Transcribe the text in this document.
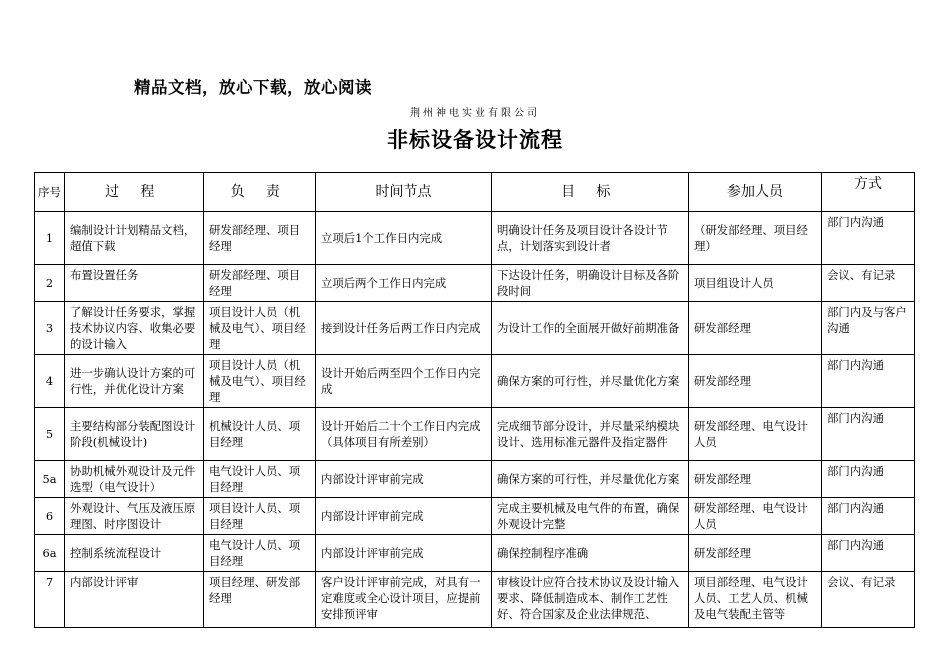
精品文档，放心下载，放心阅读
荆州神电实业有限公司
非标设备设计流程
序号	过 程	负 责	时间节点	目 标	参加人员	方式
1	编制设计计划精品文档，超值下载	研发部经理、项目经理	立项后1个工作日内完成	明确设计任务及项目设计各设计节点，计划落实到设计者	（研发部经理、项目经理）	部门内沟通
2	布置设置任务	研发部经理、项目经理	立项后两个工作日内完成	下达设计任务，明确设计目标及各阶段时间	项目组设计人员	会议、有记录
3	了解设计任务要求，掌握技术协议内容、收集必要的设计输入	项目设计人员（机械及电气）、项目经理	接到设计任务后两工作日内完成	为设计工作的全面展开做好前期准备	研发部经理	部门内及与客户沟通
4	进一步确认设计方案的可行性，并优化设计方案	项目设计人员（机械及电气）、项目经理	设计开始后两至四个工作日内完成	确保方案的可行性，并尽量优化方案	研发部经理	部门内沟通
5	主要结构部分装配图设计阶段(机械设计)	机械设计人员、项目经理	设计开始后二十个工作日内完成（具体项目有所差别）	完成细节部分设计，并尽量采纳模块设计、选用标准元器件及指定器件	研发部经理、电气设计人员	部门内沟通
5a	协助机械外观设计及元件选型（电气设计）	电气设计人员、项目经理	内部设计评审前完成	确保方案的可行性，并尽量优化方案	研发部经理	部门内沟通
6	外观设计、气压及液压原理图、时序图设计	项目设计人员、项目经理	内部设计评审前完成	完成主要机械及电气件的布置，确保外观设计完整	研发部经理、电气设计人员	部门内沟通
6a	控制系统流程设计	电气设计人员、项目经理	内部设计评审前完成	确保控制程序准确	研发部经理	部门内沟通
7	内部设计评审	项目经理、研发部经理	客户设计评审前完成，对具有一定难度或全心设计项目，应提前安排预评审	审核设计应符合技术协议及设计输入要求、降低制造成本、制作工艺性好、符合国家及企业法律规范、	项目部经理、电气设计人员、工艺人员、机械及电气装配主管等	会议、有记录
